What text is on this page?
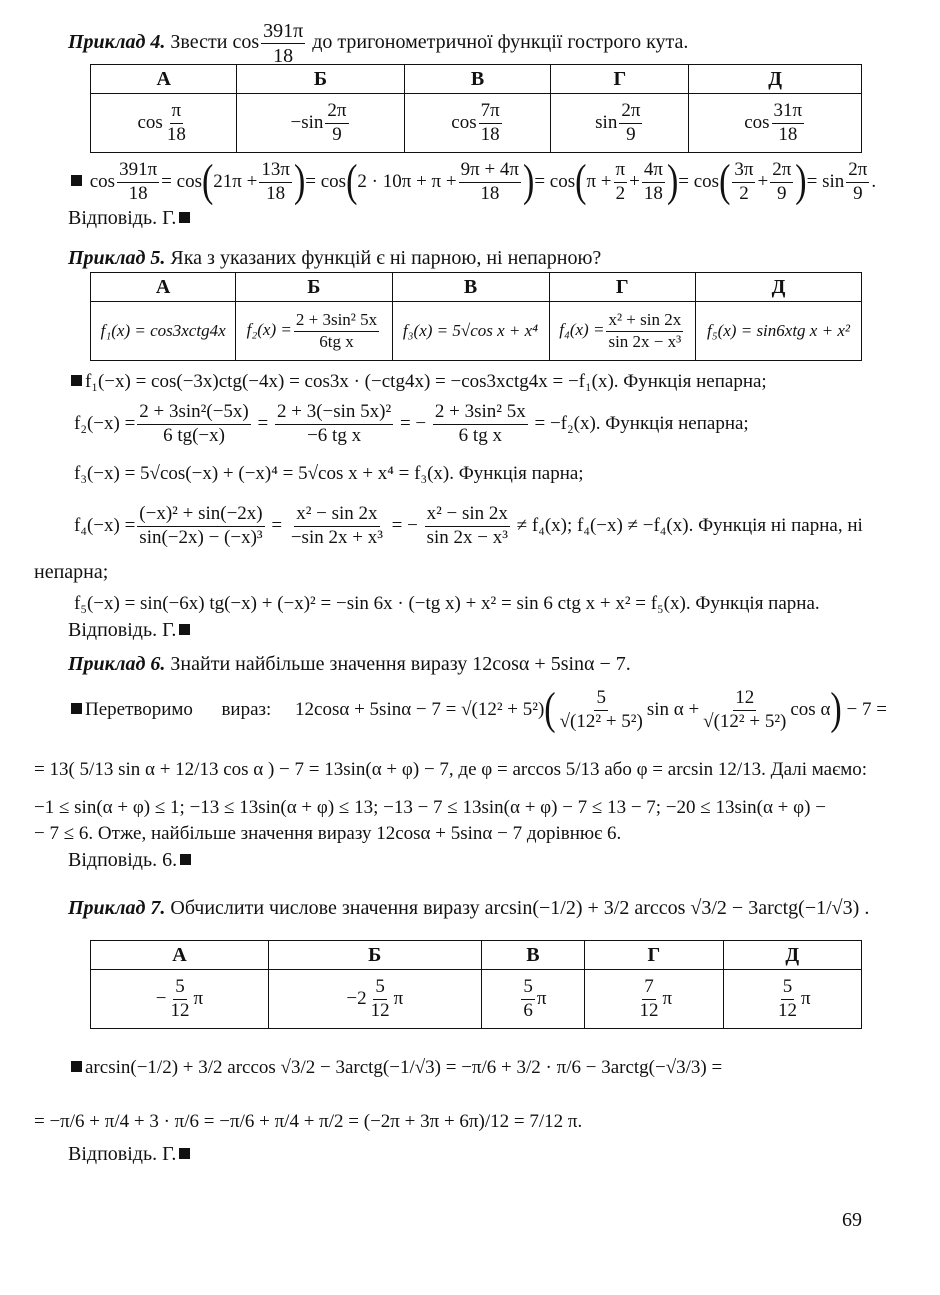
Приклад 4. Звести $\cos \frac{391\pi}{18}$ до тригонометричної функції гострого кута.
А	Б	В	Г	Д
$\cos \frac{\pi}{18}$	$-\sin \frac{2\pi}{9}$	$\cos \frac{7\pi}{18}$	$\sin \frac{2\pi}{9}$	$\cos \frac{31\pi}{18}$
$\cos \frac{391\pi}{18} = \cos(21\pi + \frac{13\pi}{18}$ )= $\cos(2 \cdot 10\pi + \pi + \frac{9\pi + 4\pi}{18}$ )= $\cos(\pi + \frac{\pi}{2} + \frac{4\pi}{18}$ )= $\cos( \frac{3\pi}{2} + \frac{2\pi}{9}$ )= $\sin \frac{2\pi}{9}$ .
Відповідь. Г.
Приклад 5. Яка з указаних функцій є ні парною, ні непарною?
А	Б	В	Г	Д
f₁(x) = cos3xctg4x	$f_2(x) = \frac{\text{2 + 3sin² 5x}}{\text{6tg x}}$	f₃(x) = 5√cos x + x⁴	$f_4(x) = \frac{\text{x² + sin 2x}}{\text{sin 2x − x³}}$	f₅(x) = sin6xtg x + x²
f₁(−x) = cos(−3x)ctg(−4x) = cos3x · (−ctg4x) = −cos3xctg4x = −f₁(x). Функція непарна;
$f_2(-x) = \frac{\text{2 + 3sin²(−5x)}}{6 tg(-x)} = \frac{\text{2 + 3(−sin 5x)²}}{\text{−6 tg x}}$ = − $\frac{\text{2 + 3sin² 5x}}{\text{6 tg x}} = -f_2(x)$. Функція непарна;
f₃(−x) = 5√cos(−x) + (−x)⁴ = 5√cos x + x⁴ = f₃(x). Функція парна;
$f_4(-x) = \frac{\text{(−x)² + sin(−2x)}}{\text{sin(−2x) − (−x)³}} = \frac{\text{x² − sin 2x}}{\text{−sin 2x + x³}}$ = − $\frac{\text{x² − sin 2x}}{\text{sin 2x − x³}} \ne f_4(x)$; f₄(−x) ≠ −f₄(x). Функція ні парна, ні
непарна;
f₅(−x) = sin(−6x) tg(−x) + (−x)² = −sin 6x · (−tg x) + x² = sin 6 ctg x + x² = f₅(x). Функція парна.
Відповідь. Г.
Приклад 6. Знайти найбільше значення виразу 12cosα + 5sinα − 7.
Перетворимо вираз: $12\cos\alpha + 5\sin\alpha - 7 = √(12^2 + 5^2)( \frac{5}{\text{√(12² + 5²)}}$ $\sin \alpha + \frac{12}{\text{√(12² + 5²)}}$ cos α) − 7 =
= 13( 5/13 sin α + 12/13 cos α ) − 7 = 13sin(α + φ) − 7, де φ = arccos 5/13 або φ = arcsin 12/13. Далі маємо:
−1 ≤ sin(α + φ) ≤ 1; −13 ≤ 13sin(α + φ) ≤ 13; −13 − 7 ≤ 13sin(α + φ) − 7 ≤ 13 − 7; −20 ≤ 13sin(α + φ) −
− 7 ≤ 6. Отже, найбільше значення виразу 12cosα + 5sinα − 7 дорівнює 6.
Відповідь. 6.
Приклад 7. Обчислити числове значення виразу arcsin(−1/2) + 3/2 arccos √3/2 − 3arctg(−1/√3) .
А	Б	В	Г	Д
− $\frac{5}{12}$ π	$-2 \frac{5}{12}$ π	$\frac{5}{6}$ π	$\frac{7}{12}$ π	$\frac{5}{12}$ π
arcsin(−1/2) + 3/2 arccos √3/2 − 3arctg(−1/√3) = −π/6 + 3/2 · π/6 − 3arctg(−√3/3) =
= −π/6 + π/4 + 3 · π/6 = −π/6 + π/4 + π/2 = (−2π + 3π + 6π)/12 = 7/12 π.
Відповідь. Г.
69
